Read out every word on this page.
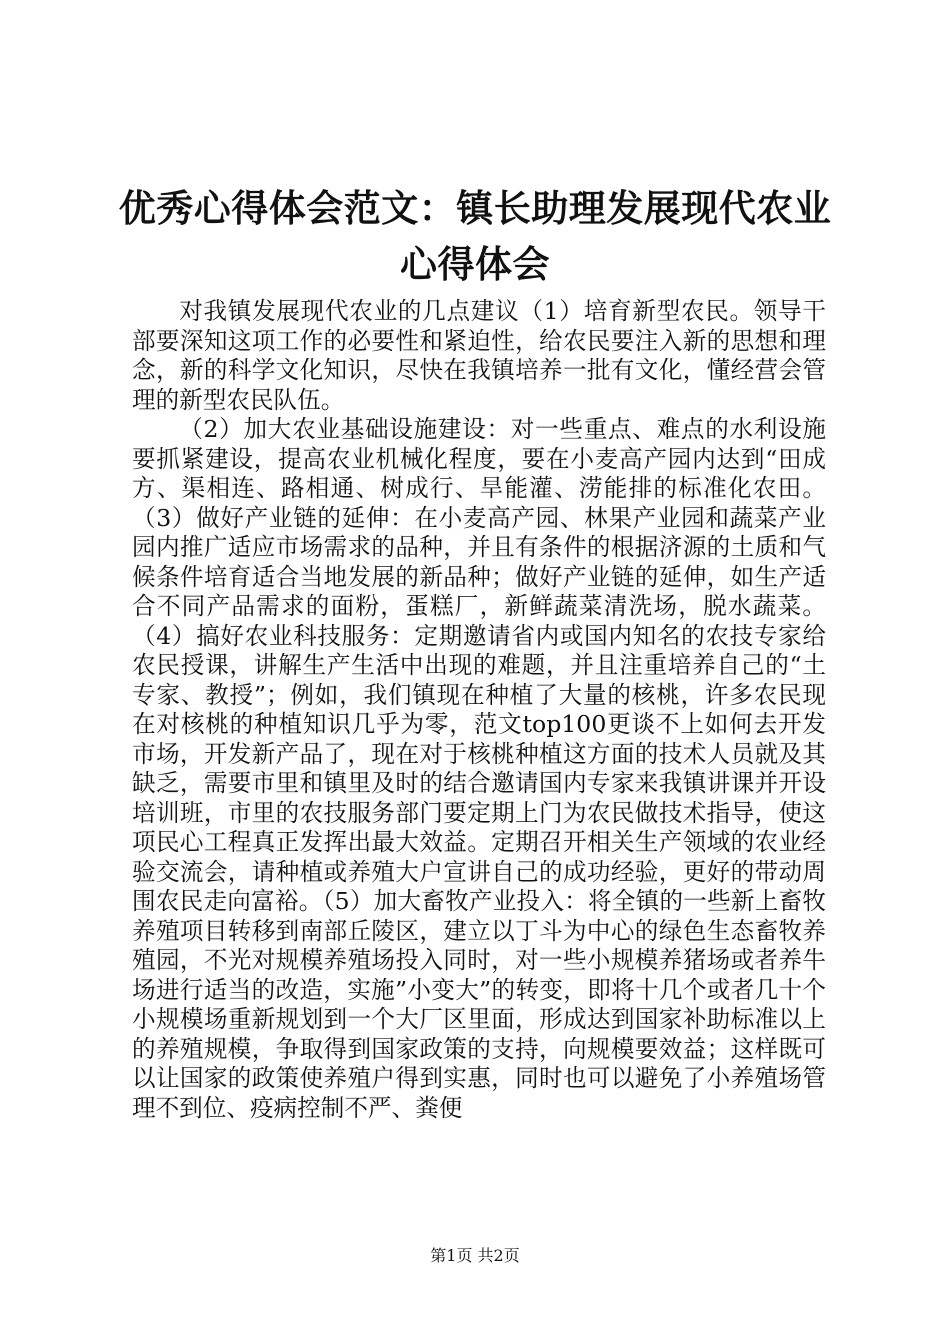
优秀心得体会范文：镇长助理发展现代农业心得体会

对我镇发展现代农业的几点建议（1）培育新型农民。领导干部要深知这项工作的必要性和紧迫性，给农民要注入新的思想和理念，新的科学文化知识，尽快在我镇培养一批有文化，懂经营会管理的新型农民队伍。

（2）加大农业基础设施建设：对一些重点、难点的水利设施要抓紧建设，提高农业机械化程度，要在小麦高产园内达到“田成方、渠相连、路相通、树成行、旱能灌、涝能排的标准化农田。（3）做好产业链的延伸：在小麦高产园、林果产业园和蔬菜产业园内推广适应市场需求的品种，并且有条件的根据济源的土质和气候条件培育适合当地发展的新品种；做好产业链的延伸，如生产适合不同产品需求的面粉，蛋糕厂，新鲜蔬菜清洗场，脱水蔬菜。（4）搞好农业科技服务：定期邀请省内或国内知名的农技专家给农民授课，讲解生产生活中出现的难题，并且注重培养自己的“土专家、教授”；例如，我们镇现在种植了大量的核桃，许多农民现在对核桃的种植知识几乎为零，范文top100更谈不上如何去开发市场，开发新产品了，现在对于核桃种植这方面的技术人员就及其缺乏，需要市里和镇里及时的结合邀请国内专家来我镇讲课并开设培训班，市里的农技服务部门要定期上门为农民做技术指导，使这项民心工程真正发挥出最大效益。定期召开相关生产领域的农业经验交流会，请种植或养殖大户宣讲自己的成功经验，更好的带动周围农民走向富裕。（5）加大畜牧产业投入：将全镇的一些新上畜牧养殖项目转移到南部丘陵区，建立以丁斗为中心的绿色生态畜牧养殖园，不光对规模养殖场投入同时，对一些小规模养猪场或者养牛场进行适当的改造，实施”小变大”的转变，即将十几个或者几十个小规模场重新规划到一个大厂区里面，形成达到国家补助标准以上的养殖规模，争取得到国家政策的支持，向规模要效益；这样既可以让国家的政策使养殖户得到实惠，同时也可以避免了小养殖场管理不到位、疫病控制不严、粪便

第1页 共2页
